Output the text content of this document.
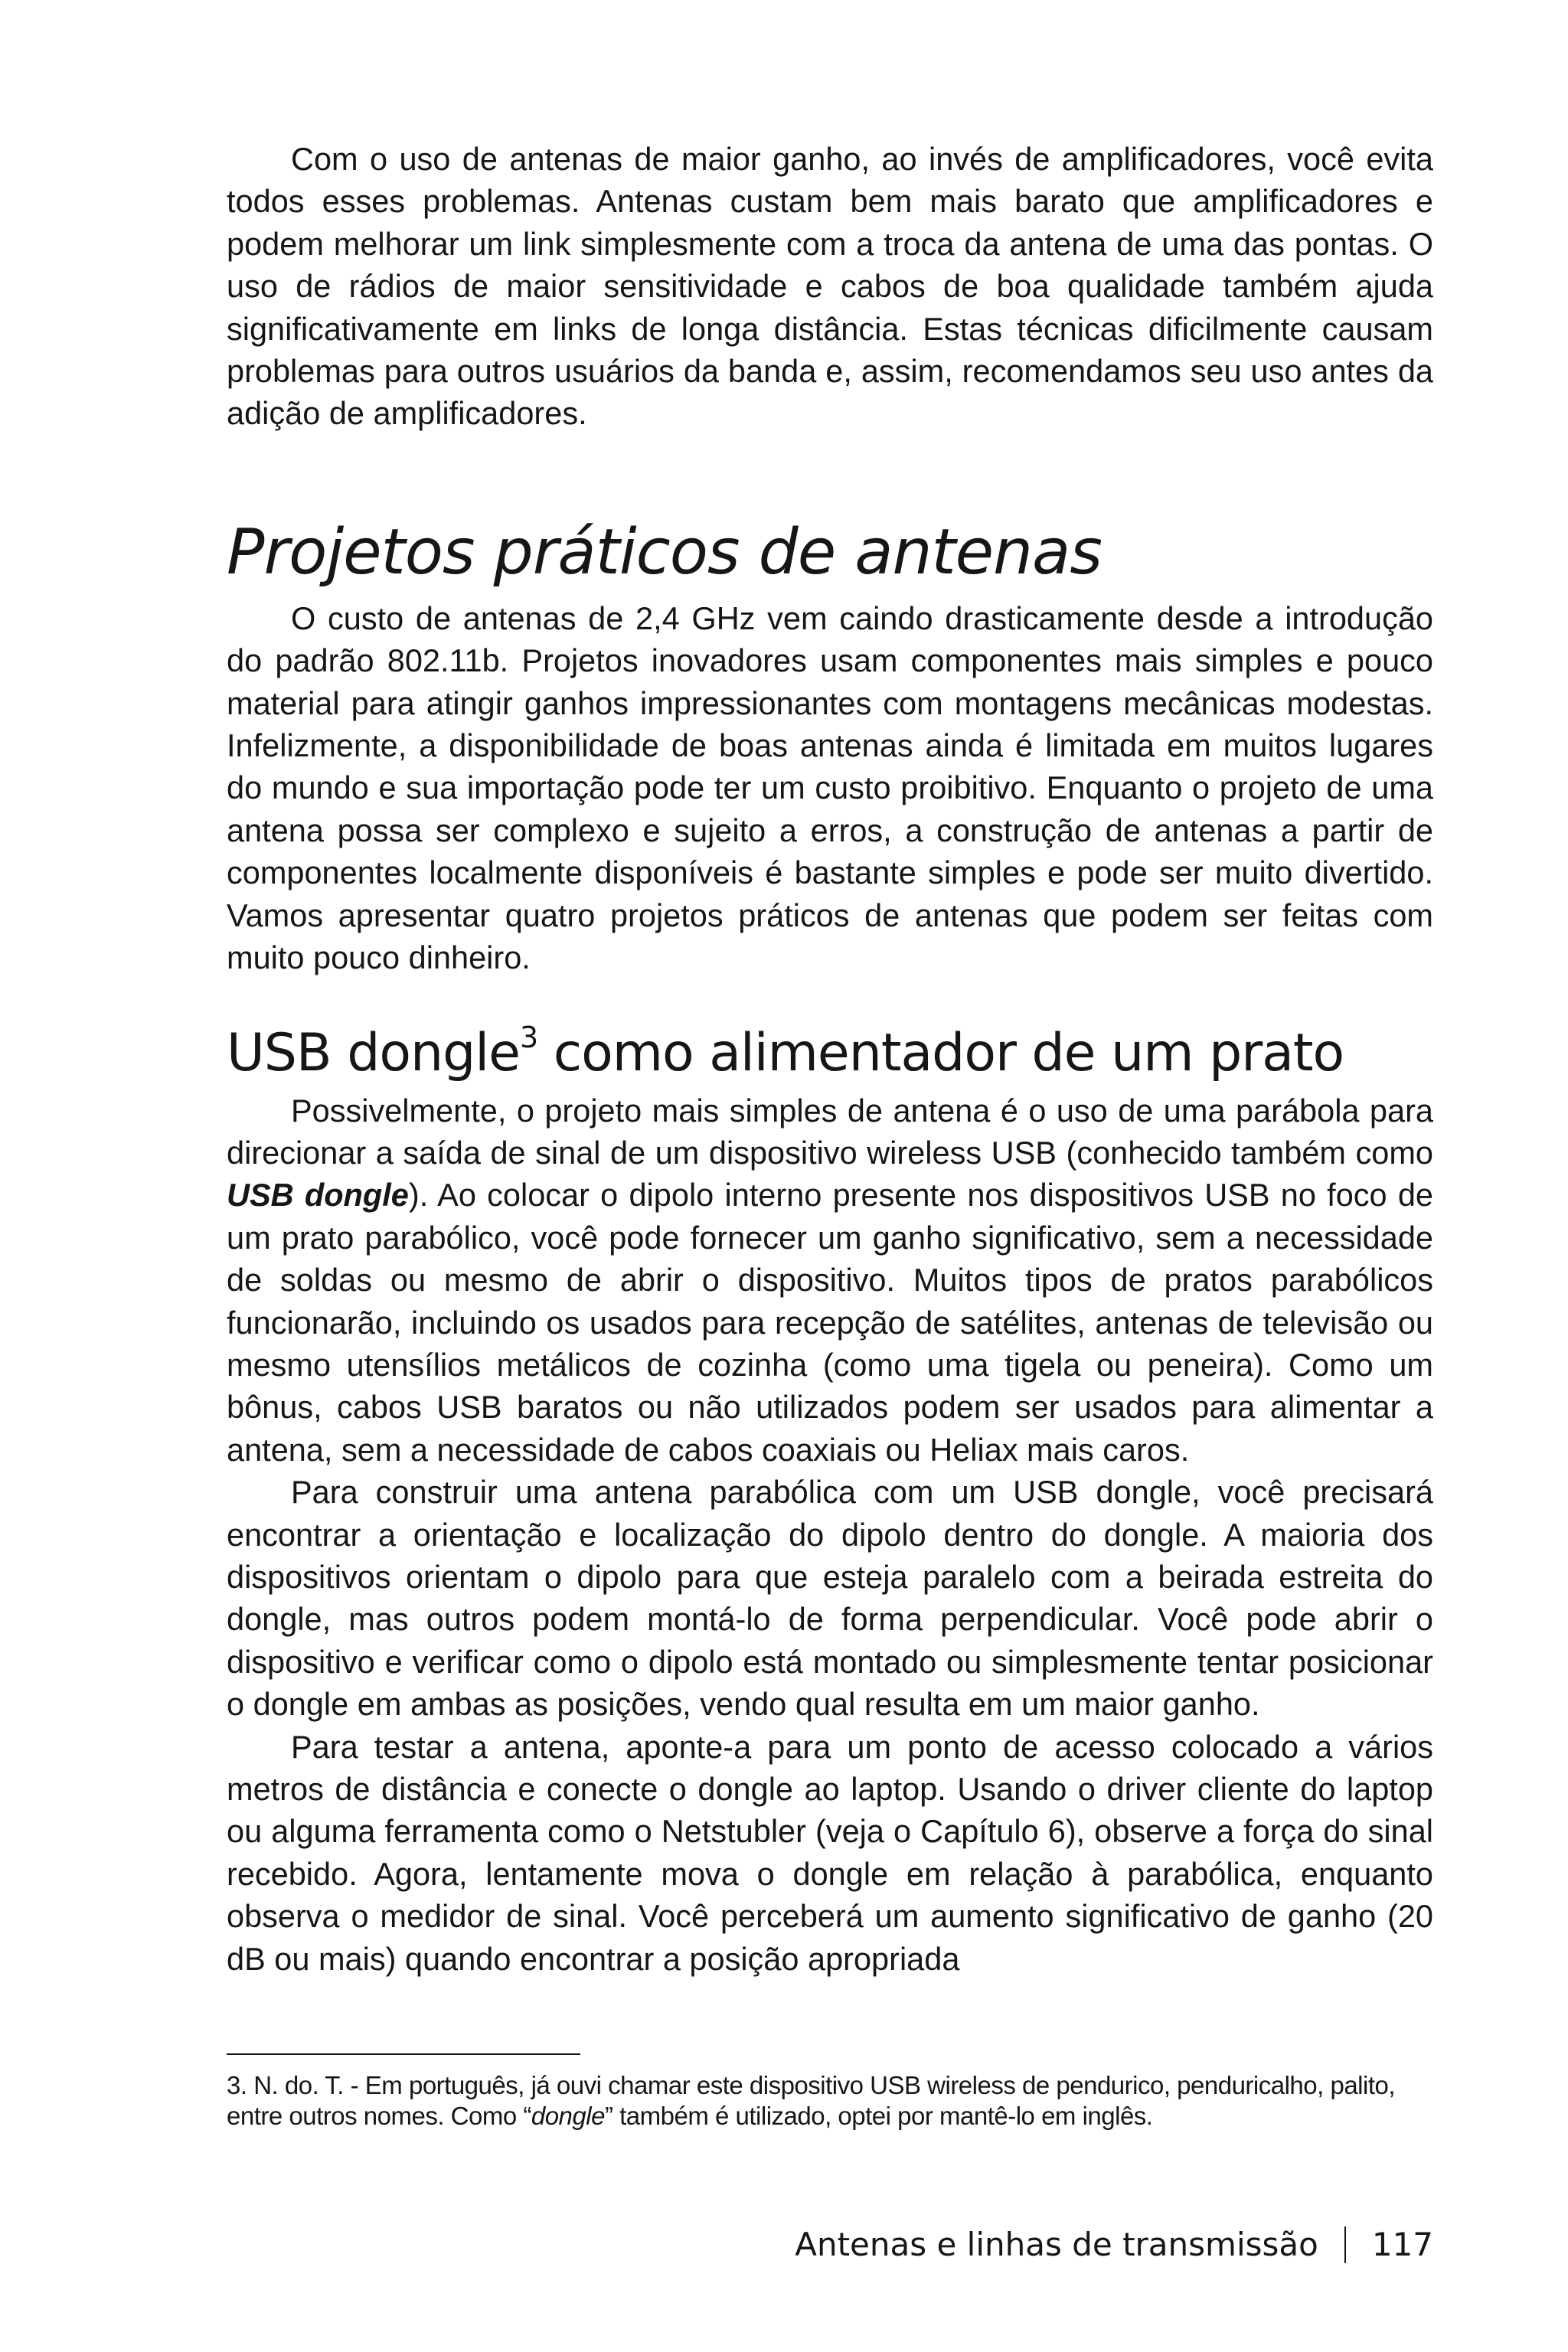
Com o uso de antenas de maior ganho, ao invés de amplificadores, você evita todos esses problemas. Antenas custam bem mais barato que amplificadores e podem melhorar um link simplesmente com a troca da antena de uma das pontas. O uso de rádios de maior sensitividade e cabos de boa qualidade também ajuda significativamente em links de longa distância. Estas técnicas dificilmente causam problemas para outros usuários da banda e, assim, recomendamos seu uso antes da adição de amplificadores.

Projetos práticos de antenas

O custo de antenas de 2,4 GHz vem caindo drasticamente desde a introdução do padrão 802.11b. Projetos inovadores usam componentes mais simples e pouco material para atingir ganhos impressionantes com montagens mecânicas modestas. Infelizmente, a disponibilidade de boas antenas ainda é limitada em muitos lugares do mundo e sua importação pode ter um custo proibitivo. Enquanto o projeto de uma antena possa ser complexo e sujeito a erros, a construção de antenas a partir de componentes localmente disponíveis é bastante simples e pode ser muito divertido. Vamos apresentar quatro projetos práticos de antenas que podem ser feitas com muito pouco dinheiro.

USB dongle$^3$ como alimentador de um prato

Possivelmente, o projeto mais simples de antena é o uso de uma parábola para direcionar a saída de sinal de um dispositivo wireless USB (conhecido também como USB dongle). Ao colocar o dipolo interno presente nos dispositivos USB no foco de um prato parabólico, você pode fornecer um ganho significativo, sem a necessidade de soldas ou mesmo de abrir o dispositivo. Muitos tipos de pratos parabólicos funcionarão, incluindo os usados para recepção de satélites, antenas de televisão ou mesmo utensílios metálicos de cozinha (como uma tigela ou peneira). Como um bônus, cabos USB baratos ou não utilizados podem ser usados para alimentar a antena, sem a necessidade de cabos coaxiais ou Heliax mais caros.

Para construir uma antena parabólica com um USB dongle, você precisará encontrar a orientação e localização do dipolo dentro do dongle. A maioria dos dispositivos orientam o dipolo para que esteja paralelo com a beirada estreita do dongle, mas outros podem montá-lo de forma perpendicular. Você pode abrir o dispositivo e verificar como o dipolo está montado ou simplesmente tentar posicionar o dongle em ambas as posições, vendo qual resulta em um maior ganho.

Para testar a antena, aponte-a para um ponto de acesso colocado a vários metros de distância e conecte o dongle ao laptop. Usando o driver cliente do laptop ou alguma ferramenta como o Netstubler (veja o Capítulo 6), observe a força do sinal recebido. Agora, lentamente mova o dongle em relação à parabólica, enquanto observa o medidor de sinal. Você perceberá um aumento significativo de ganho (20 dB ou mais) quando encontrar a posição apropriada

3. N. do. T. - Em português, já ouvi chamar este dispositivo USB wireless de pendurico, penduricalho, palito, entre outros nomes. Como “dongle” também é utilizado, optei por mantê-lo em inglês.

Antenas e linhas de transmissão 117
